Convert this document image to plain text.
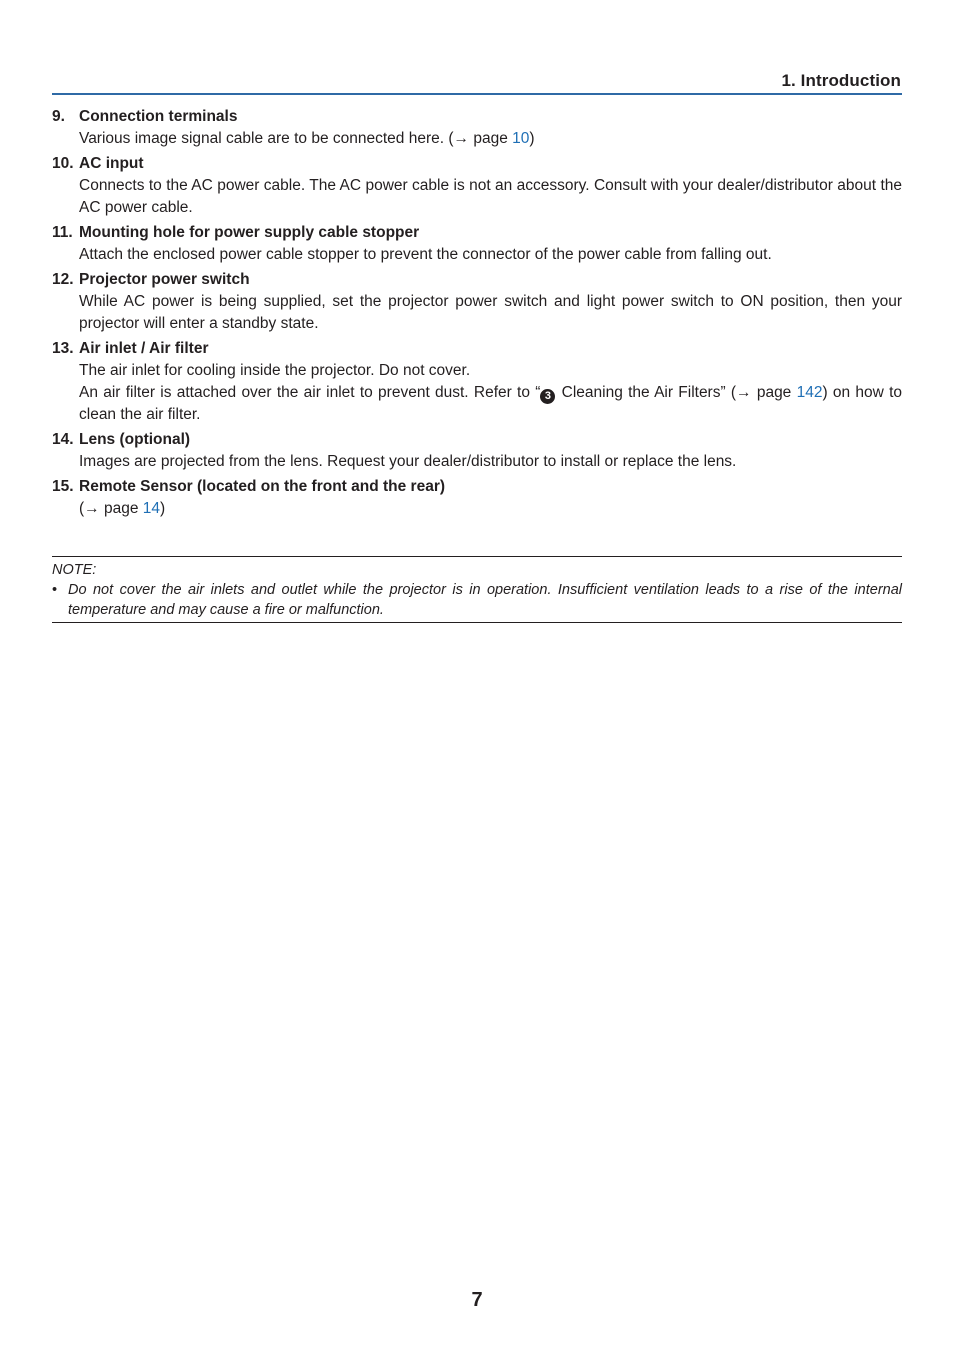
1. Introduction
9. Connection terminals

Various image signal cable are to be connected here. (→ page 10)

10. AC input

Connects to the AC power cable. The AC power cable is not an accessory. Consult with your dealer/distributor about the AC power cable.

11. Mounting hole for power supply cable stopper

Attach the enclosed power cable stopper to prevent the connector of the power cable from falling out.

12. Projector power switch

While AC power is being supplied, set the projector power switch and light power switch to ON position, then your projector will enter a standby state.

13. Air inlet / Air filter

The air inlet for cooling inside the projector. Do not cover.

An air filter is attached over the air inlet to prevent dust. Refer to “ 3 Cleaning the Air Filters” (→ page 142) on how to clean the air filter.

14. Lens (optional)

Images are projected from the lens. Request your dealer/distributor to install or replace the lens.

15. Remote Sensor (located on the front and the rear)

(→ page 14)

NOTE:

• Do not cover the air inlets and outlet while the projector is in operation. Insufficient ventilation leads to a rise of the internal temperature and may cause a fire or malfunction.
7
